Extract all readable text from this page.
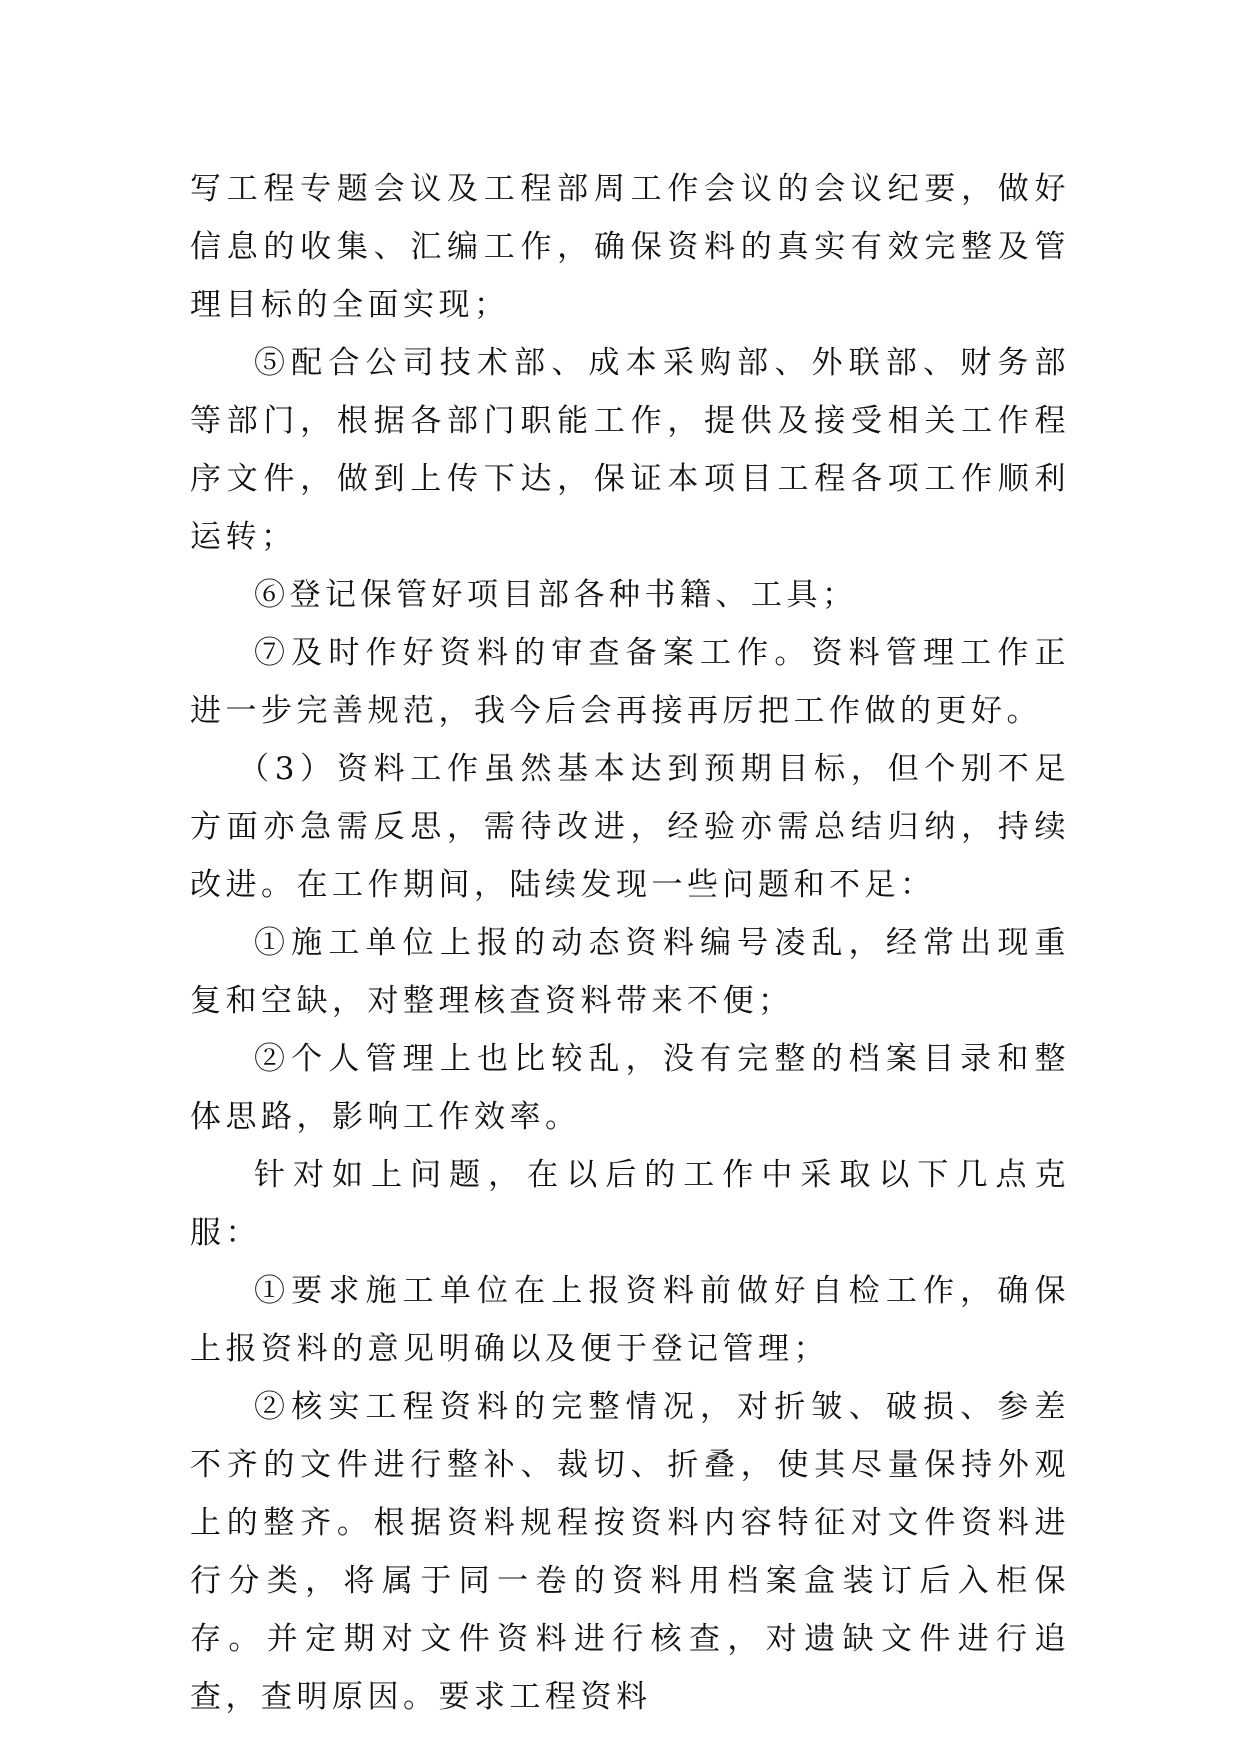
写工程专题会议及工程部周工作会议的会议纪要，做好信息的收集、汇编工作，确保资料的真实有效完整及管理目标的全面实现；

⑤配合公司技术部、成本采购部、外联部、财务部等部门，根据各部门职能工作，提供及接受相关工作程序文件，做到上传下达，保证本项目工程各项工作顺利运转；

⑥登记保管好项目部各种书籍、工具；

⑦及时作好资料的审查备案工作。资料管理工作正进一步完善规范，我今后会再接再厉把工作做的更好。

（3）资料工作虽然基本达到预期目标，但个别不足方面亦急需反思，需待改进，经验亦需总结归纳，持续改进。在工作期间，陆续发现一些问题和不足：

①施工单位上报的动态资料编号凌乱，经常出现重复和空缺，对整理核查资料带来不便；

②个人管理上也比较乱，没有完整的档案目录和整体思路，影响工作效率。

针对如上问题，在以后的工作中采取以下几点克服：

①要求施工单位在上报资料前做好自检工作，确保上报资料的意见明确以及便于登记管理；

②核实工程资料的完整情况，对折皱、破损、参差不齐的文件进行整补、裁切、折叠，使其尽量保持外观上的整齐。根据资料规程按资料内容特征对文件资料进行分类，将属于同一卷的资料用档案盒装订后入柜保存。并定期对文件资料进行核查，对遗缺文件进行追查，查明原因。要求工程资料
